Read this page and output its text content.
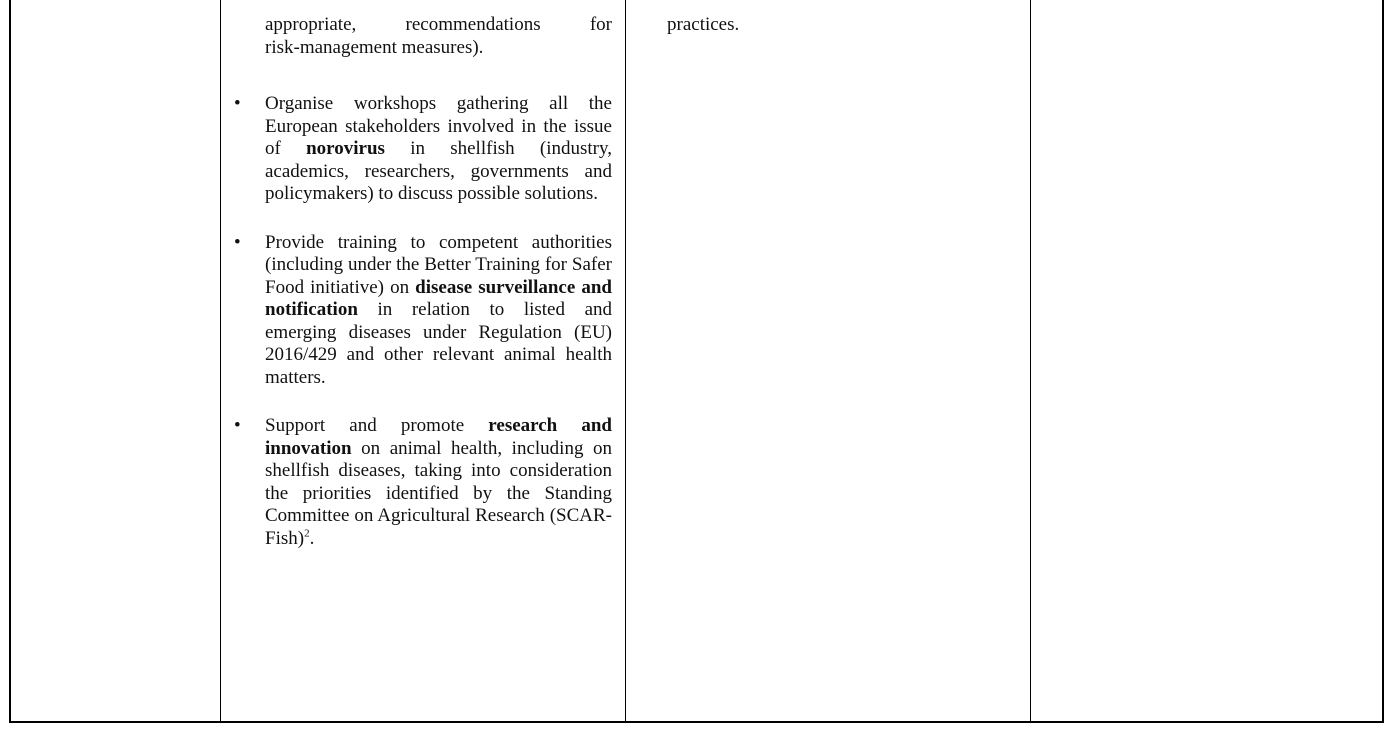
appropriate, recommendations for
risk-management measures).
• Organise workshops gathering all the European stakeholders involved in the issue of norovirus in shellfish (industry, academics, researchers, governments and policymakers) to discuss possible solutions.

• Provide training to competent authorities (including under the Better Training for Safer Food initiative) on disease surveillance and notification in relation to listed and emerging diseases under Regulation (EU) 2016/429 and other relevant animal health matters.

• Support and promote research and innovation on animal health, including on shellfish diseases, taking into consideration the priorities identified by the Standing Committee on Agricultural Research (SCAR-Fish)$^2$.

practices.
